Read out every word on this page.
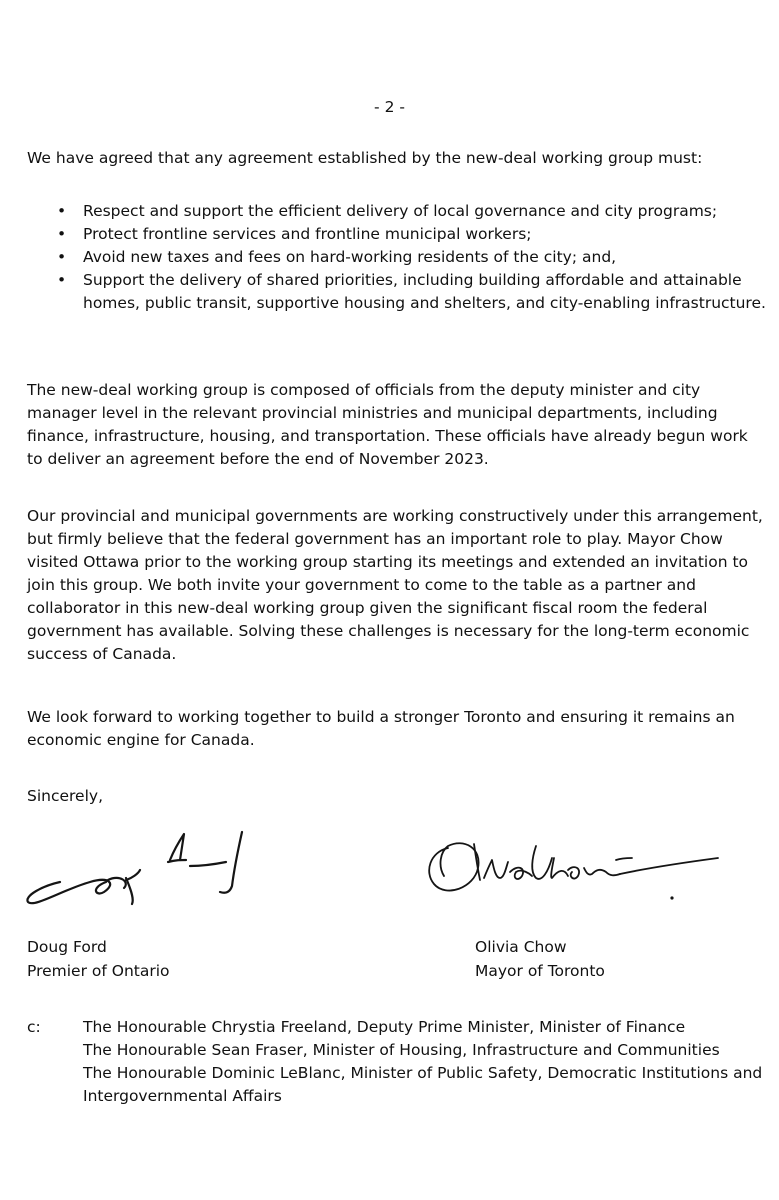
- 2 -

We have agreed that any agreement established by the new-deal working group must:

• Respect and support the efficient delivery of local governance and city programs;
• Protect frontline services and frontline municipal workers;
• Avoid new taxes and fees on hard-working residents of the city; and,
• Support the delivery of shared priorities, including building affordable and attainable homes, public transit, supportive housing and shelters, and city-enabling infrastructure.

The new-deal working group is composed of officials from the deputy minister and city manager level in the relevant provincial ministries and municipal departments, including finance, infrastructure, housing, and transportation. These officials have already begun work to deliver an agreement before the end of November 2023.

Our provincial and municipal governments are working constructively under this arrangement, but firmly believe that the federal government has an important role to play. Mayor Chow visited Ottawa prior to the working group starting its meetings and extended an invitation to join this group. We both invite your government to come to the table as a partner and collaborator in this new-deal working group given the significant fiscal room the federal government has available. Solving these challenges is necessary for the long-term economic success of Canada.

We look forward to working together to build a stronger Toronto and ensuring it remains an economic engine for Canada.

Sincerely,

Doug Ford
Premier of Ontario
Olivia Chow
Mayor of Toronto
c:	The Honourable Chrystia Freeland, Deputy Prime Minister, Minister of Finance
The Honourable Sean Fraser, Minister of Housing, Infrastructure and Communities
The Honourable Dominic LeBlanc, Minister of Public Safety, Democratic Institutions and Intergovernmental Affairs
